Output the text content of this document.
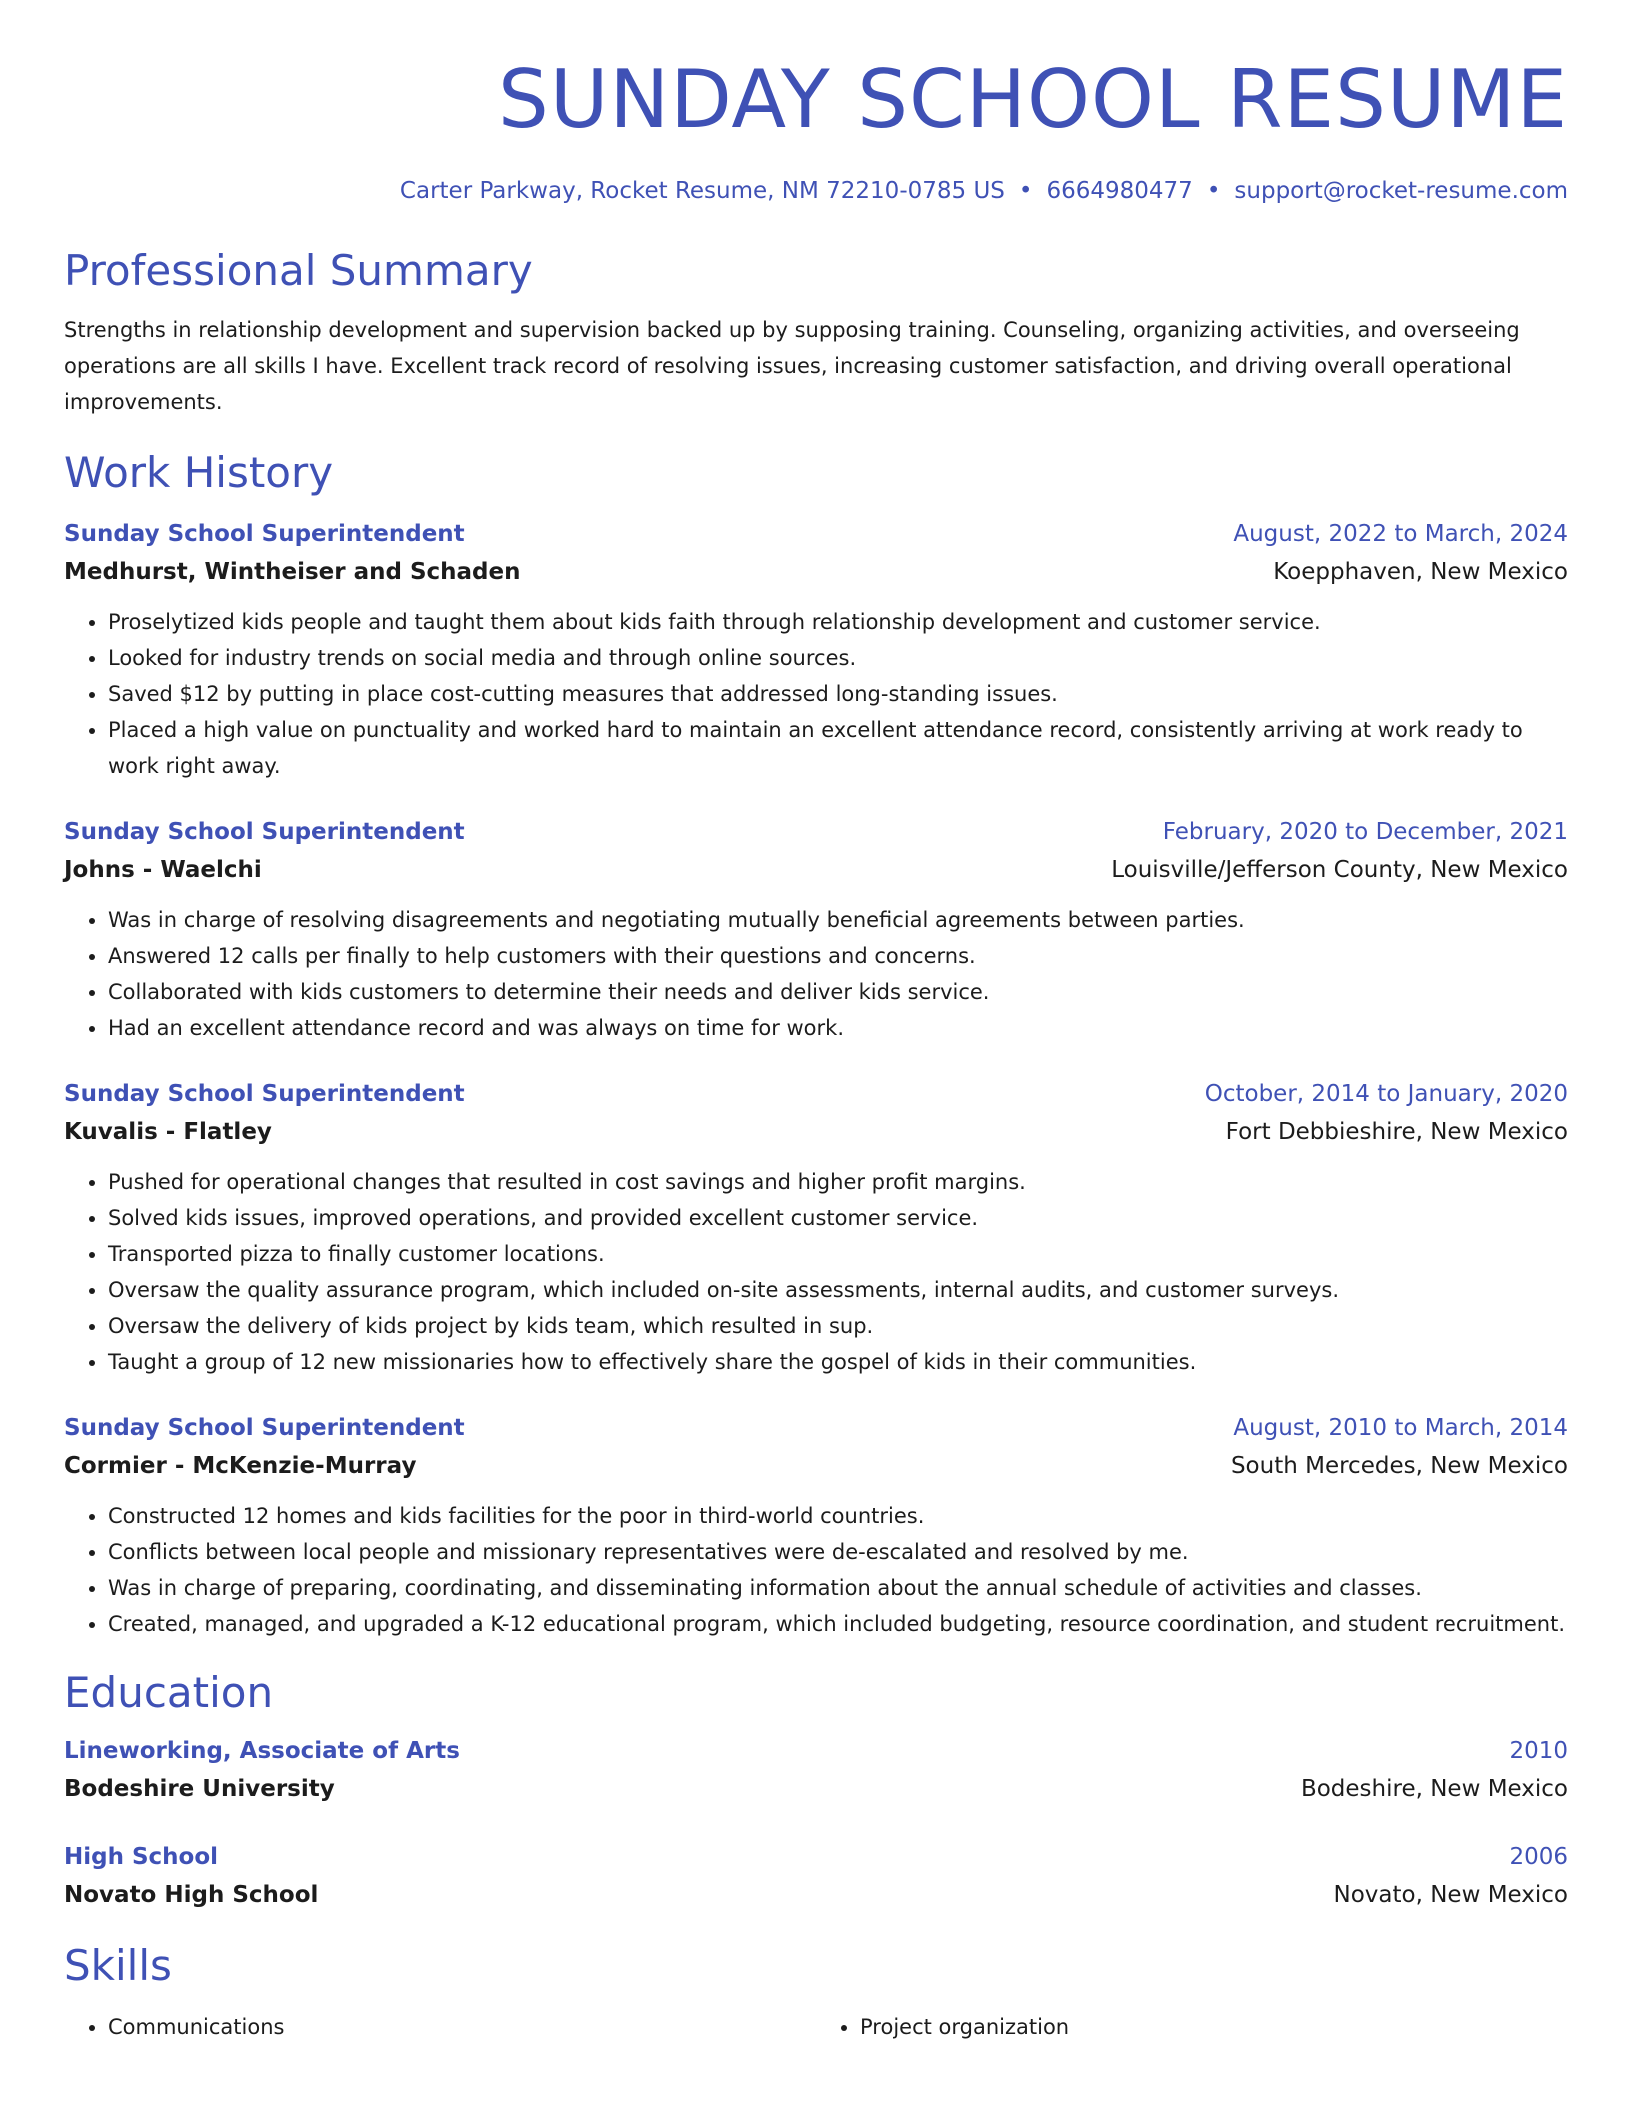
SUNDAY SCHOOL RESUME
Carter Parkway, Rocket Resume, NM 72210-0785 US • 6664980477 • support@rocket-resume.com
Professional Summary
Strengths in relationship development and supervision backed up by supposing training. Counseling, organizing activities, and overseeing operations are all skills I have. Excellent track record of resolving issues, increasing customer satisfaction, and driving overall operational improvements.
Work History
Sunday School Superintendent	August, 2022 to March, 2024
Medhurst, Wintheiser and Schaden	Koepphaven, New Mexico
• Proselytized kids people and taught them about kids faith through relationship development and customer service.
• Looked for industry trends on social media and through online sources.
• Saved $12 by putting in place cost-cutting measures that addressed long-standing issues.
• Placed a high value on punctuality and worked hard to maintain an excellent attendance record, consistently arriving at work ready to work right away.
Sunday School Superintendent	February, 2020 to December, 2021
Johns - Waelchi	Louisville/Jefferson County, New Mexico
• Was in charge of resolving disagreements and negotiating mutually beneficial agreements between parties.
• Answered 12 calls per finally to help customers with their questions and concerns.
• Collaborated with kids customers to determine their needs and deliver kids service.
• Had an excellent attendance record and was always on time for work.
Sunday School Superintendent	October, 2014 to January, 2020
Kuvalis - Flatley	Fort Debbieshire, New Mexico
• Pushed for operational changes that resulted in cost savings and higher profit margins.
• Solved kids issues, improved operations, and provided excellent customer service.
• Transported pizza to finally customer locations.
• Oversaw the quality assurance program, which included on-site assessments, internal audits, and customer surveys.
• Oversaw the delivery of kids project by kids team, which resulted in sup.
• Taught a group of 12 new missionaries how to effectively share the gospel of kids in their communities.
Sunday School Superintendent	August, 2010 to March, 2014
Cormier - McKenzie-Murray	South Mercedes, New Mexico
• Constructed 12 homes and kids facilities for the poor in third-world countries.
• Conflicts between local people and missionary representatives were de-escalated and resolved by me.
• Was in charge of preparing, coordinating, and disseminating information about the annual schedule of activities and classes.
• Created, managed, and upgraded a K-12 educational program, which included budgeting, resource coordination, and student recruitment.
Education
Lineworking, Associate of Arts	2010
Bodeshire University	Bodeshire, New Mexico
High School	2006
Novato High School	Novato, New Mexico
Skills
• Communications
•	Project organization
